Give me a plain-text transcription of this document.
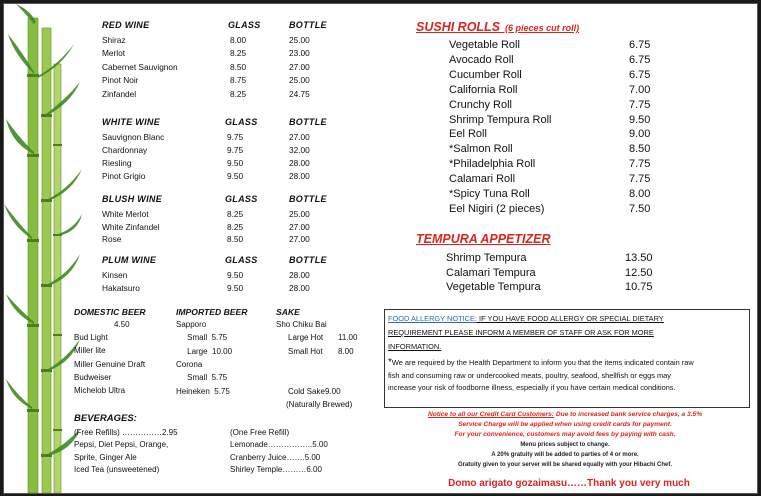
RED WINE	GLASS	BOTTLE
Shiraz	8.00	25.00
Merlot	8.25	23.00
Cabernet Sauvignon	8.50	27.00
Pinot Noir	8.75	25.00
Zinfandel	8.25	24.75
WHITE WINE	GLASS	BOTTLE
Sauvignon Blanc	9.75	27.00
Chardonnay	9.75	32.00
Riesling	9.50	28.00
Pinot Grigio	9.50	28.00
BLUSH WINE	GLASS	BOTTLE
White Merlot	8.25	25.00
White Zinfandel	8.25	27.00
Rose	8.50	27.00
PLUM WINE	GLASS	BOTTLE
Kinsen	9.50	28.00
Hakatsuro	9.50	28.00
DOMESTIC BEER
4.50
Bud Light
Miller lite
Miller Genuine Draft
Budweiser
Michelob Ultra
IMPORTED BEER
Sapporo
Small  5.75
Large  10.00
Corona
Small  5.75
Heineken  5.75
SAKE
Sho Chiku Bai
Large Hot 11.00
Small Hot 8.00
Cold Sake 9.00
(Naturally Brewed)
BEVERAGES:
(Free Refills) ……………2.95
Pepsi, Diet Pepsi, Orange,
Sprite, Ginger Ale
Iced Tea (unsweetened)
(One Free Refill)
Lemonade……………..5.00
Cranberry Juice…….5.00
Shirley Temple………6.00
SUSHI ROLLS  (6 pieces cut roll)
Vegetable Roll	6.75
Avocado Roll	6.75
Cucumber Roll	6.75
California Roll	7.00
Crunchy Roll	7.75
Shrimp Tempura Roll	9.50
Eel Roll	9.00
*Salmon Roll	8.50
*Philadelphia Roll	7.75
Calamari Roll	7.75
*Spicy Tuna Roll	8.00
Eel Nigiri (2 pieces)	7.50
TEMPURA APPETIZER
Shrimp Tempura	13.50
Calamari Tempura	12.50
Vegetable Tempura	10.75

FOOD ALLERGY NOTICE: IF YOU HAVE FOOD ALLERGY OR SPECIAL DIETARY
REQUIREMENT PLEASE INFORM A MEMBER OF STAFF OR ASK FOR MORE
INFORMATION.

*We are required by the Health Department to inform you that the items indicated contain raw
fish and consuming raw or undercooked meats, poultry, seafood, shellfish or eggs may
increase your risk of foodborne illness, especially if you have certain medical conditions.

Notice to all our Credit Card Customers: Due to increased bank service charges, a 3.5%
Service Charge will be applied when using credit cards for payment.
For your convenience, customers may avoid fees by paying with cash.
Menu prices subject to change.
A 20% gratuity will be added to parties of 4 or more.
Gratuity given to your server will be shared equally with your Hibachi Chef.
Domo arigato gozaimasu……Thank you very much
